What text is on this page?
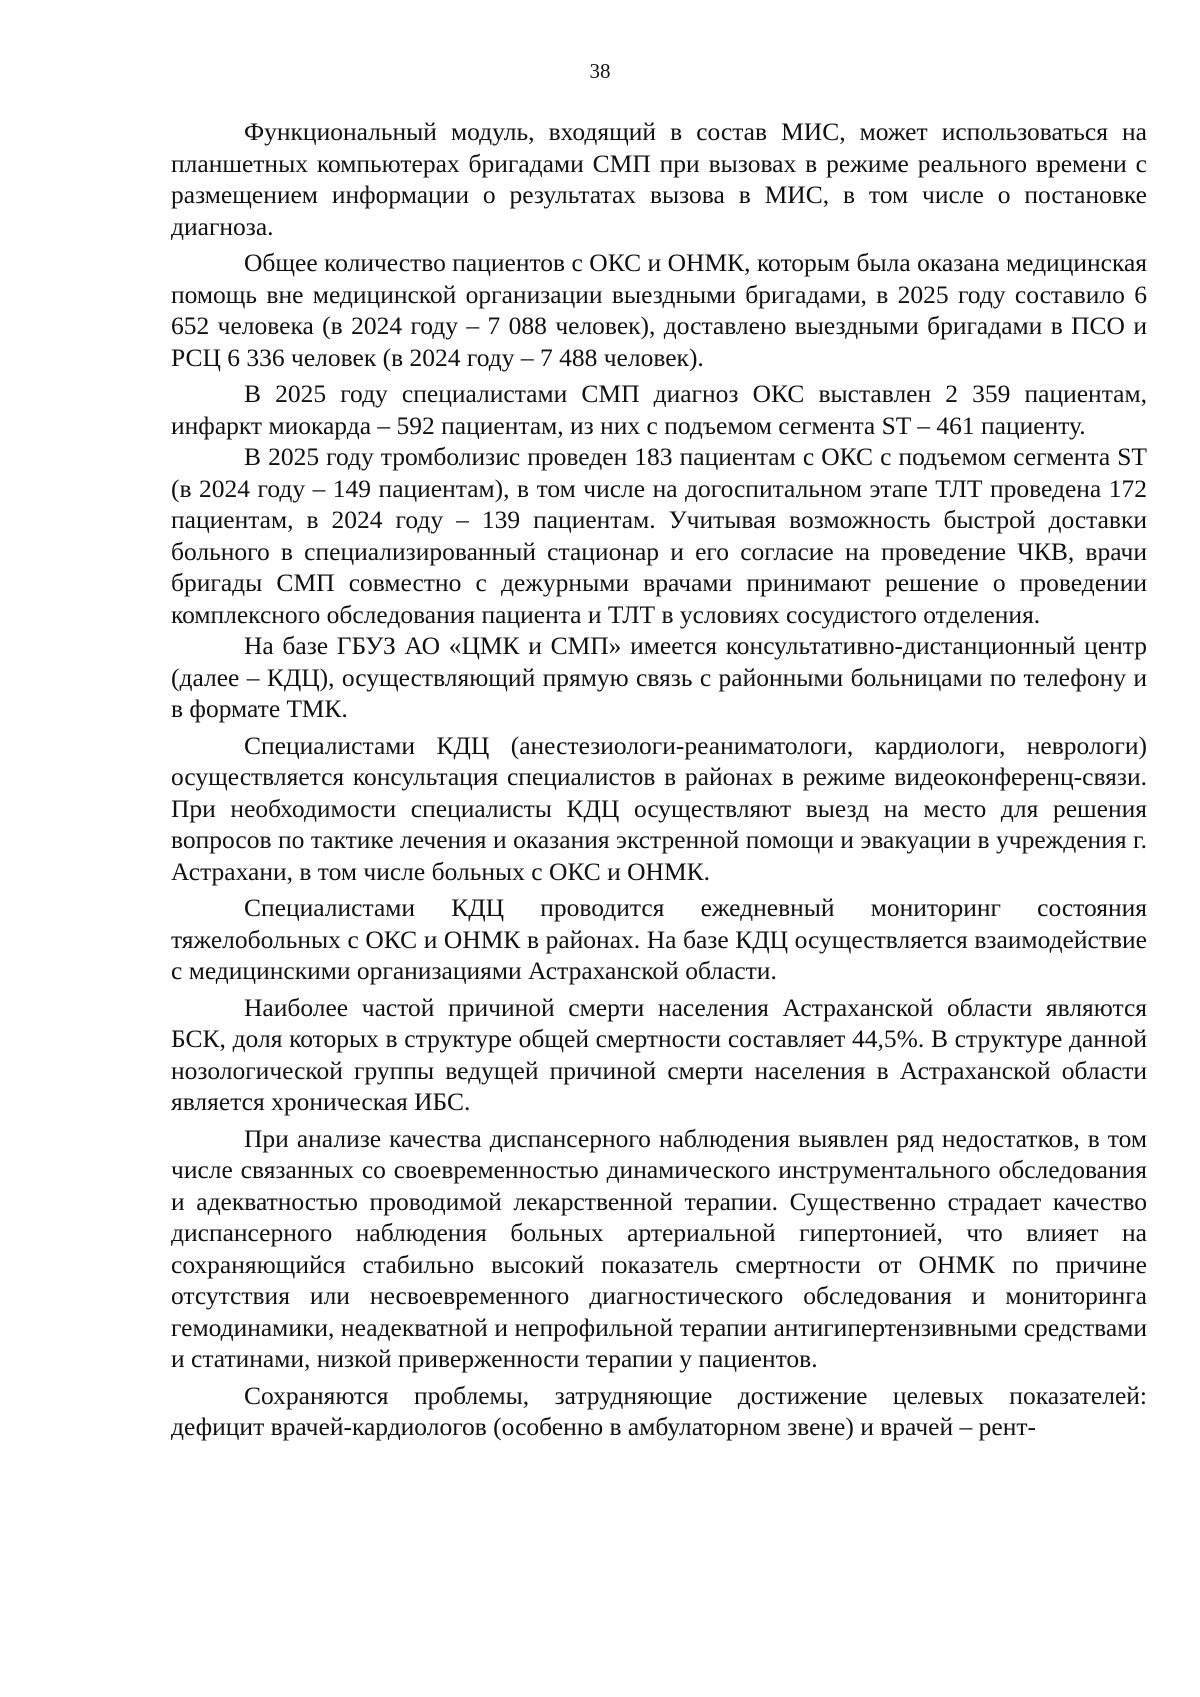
38

Функциональный модуль, входящий в состав МИС, может использоваться на планшетных компьютерах бригадами СМП при вызовах в режиме реального времени с размещением информации о результатах вызова в МИС, в том числе о постановке диагноза.

Общее количество пациентов с ОКС и ОНМК, которым была оказана медицинская помощь вне медицинской организации выездными бригадами, в 2025 году составило 6 652 человека (в 2024 году – 7 088 человек), доставлено выездными бригадами в ПСО и РСЦ 6 336 человек (в 2024 году – 7 488 человек).

В 2025 году специалистами СМП диагноз ОКС выставлен 2 359 пациентам, инфаркт миокарда – 592 пациентам, из них с подъемом сегмента ST – 461 пациенту.

В 2025 году тромболизис проведен 183 пациентам с ОКС с подъемом сегмента ST (в 2024 году – 149 пациентам), в том числе на догоспитальном этапе ТЛТ проведена 172 пациентам, в 2024 году – 139 пациентам. Учитывая возможность быстрой доставки больного в специализированный стационар и его согласие на проведение ЧКВ, врачи бригады СМП совместно с дежурными врачами принимают решение о проведении комплексного обследования пациента и ТЛТ в условиях сосудистого отделения.

На базе ГБУЗ АО «ЦМК и СМП» имеется консультативно-дистанционный центр (далее – КДЦ), осуществляющий прямую связь с районными больницами по телефону и в формате ТМК.

Специалистами КДЦ (анестезиологи-реаниматологи, кардиологи, неврологи) осуществляется консультация специалистов в районах в режиме видеоконференц-связи. При необходимости специалисты КДЦ осуществляют выезд на место для решения вопросов по тактике лечения и оказания экстренной помощи и эвакуации в учреждения г. Астрахани, в том числе больных с ОКС и ОНМК.

Специалистами КДЦ проводится ежедневный мониторинг состояния тяжелобольных с ОКС и ОНМК в районах. На базе КДЦ осуществляется взаимодействие с медицинскими организациями Астраханской области.

Наиболее частой причиной смерти населения Астраханской области являются БСК, доля которых в структуре общей смертности составляет 44,5%. В структуре данной нозологической группы ведущей причиной смерти населения в Астраханской области является хроническая ИБС.

При анализе качества диспансерного наблюдения выявлен ряд недостатков, в том числе связанных со своевременностью динамического инструментального обследования и адекватностью проводимой лекарственной терапии. Существенно страдает качество диспансерного наблюдения больных артериальной гипертонией, что влияет на сохраняющийся стабильно высокий показатель смертности от ОНМК по причине отсутствия или несвоевременного диагностического обследования и мониторинга гемодинамики, неадекватной и непрофильной терапии антигипертензивными средствами и статинами, низкой приверженности терапии у пациентов.

Сохраняются проблемы, затрудняющие достижение целевых показателей: дефицит врачей-кардиологов (особенно в амбулаторном звене) и врачей – рент-
